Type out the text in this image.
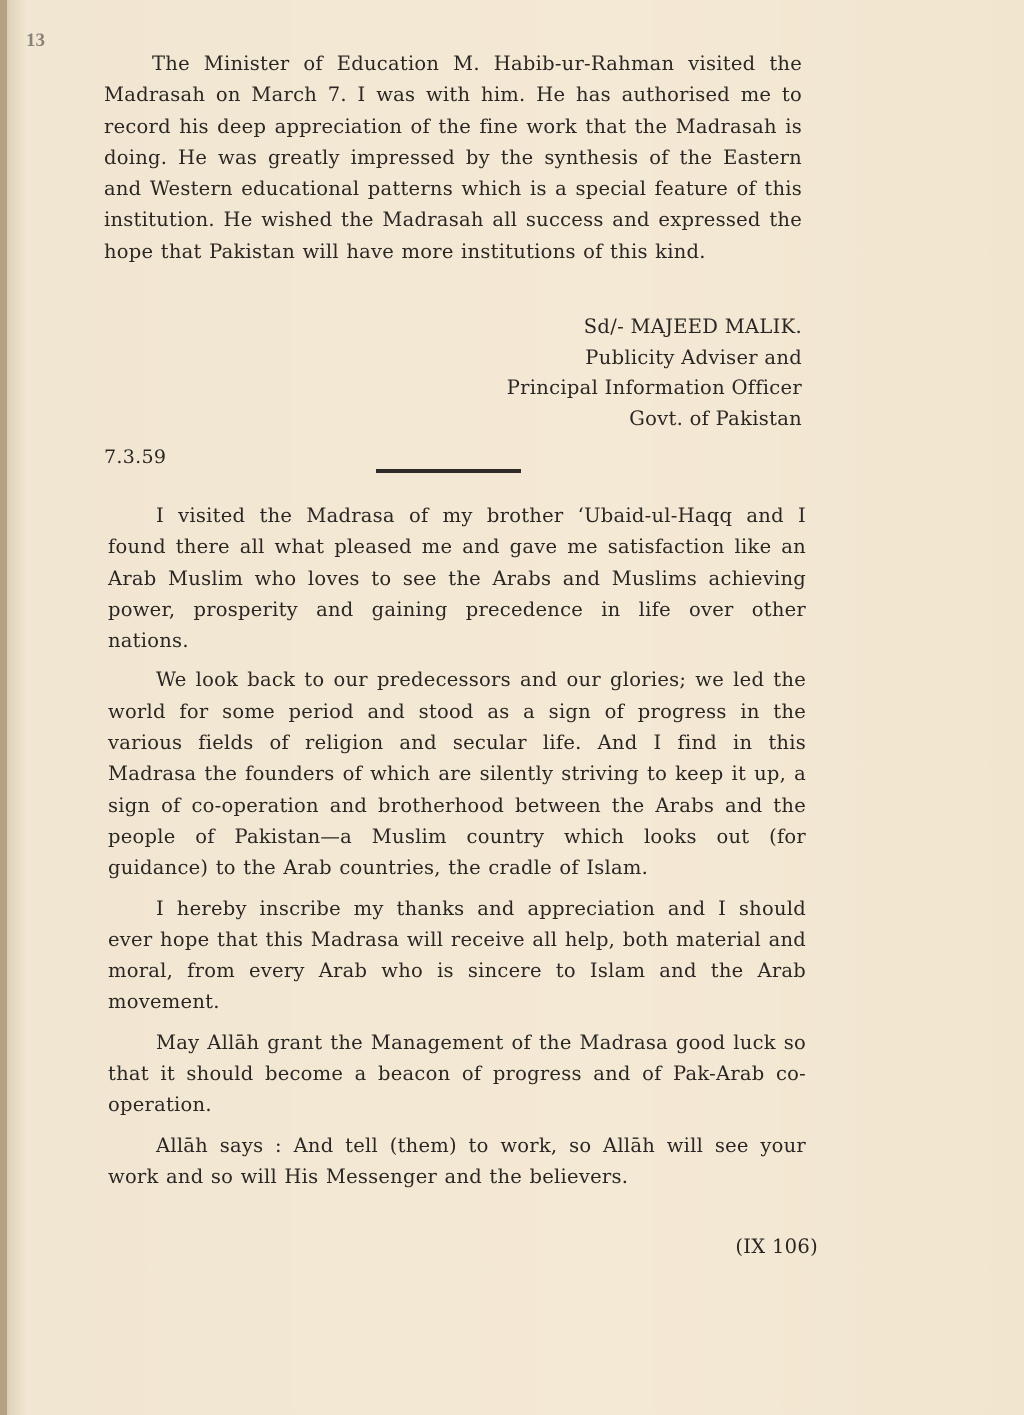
13

The Minister of Education M. Habib-ur-Rahman visited the Madrasah on March 7. I was with him. He has authorised me to record his deep appreciation of the fine work that the Madrasah is doing. He was greatly impressed by the synthesis of the Eastern and Western educational patterns which is a special feature of this institution. He wished the Madrasah all success and expressed the hope that Pakistan will have more institutions of this kind.

Sd/- MAJEED MALIK.
Publicity Adviser and
Principal Information Officer
Govt. of Pakistan
7.3.59

I visited the Madrasa of my brother ‘Ubaid-ul-Haqq and I found there all what pleased me and gave me satisfaction like an Arab Muslim who loves to see the Arabs and Muslims achieving power, prosperity and gaining precedence in life over other nations.

We look back to our predecessors and our glories; we led the world for some period and stood as a sign of progress in the various fields of religion and secular life. And I find in this Madrasa the founders of which are silently striving to keep it up, a sign of co-operation and brotherhood between the Arabs and the people of Pakistan—a Muslim country which looks out (for guidance) to the Arab countries, the cradle of Islam.

I hereby inscribe my thanks and appreciation and I should ever hope that this Madrasa will receive all help, both material and moral, from every Arab who is sincere to Islam and the Arab movement.

May Allāh grant the Management of the Madrasa good luck so that it should become a beacon of progress and of Pak-Arab co-operation.

Allāh says : And tell (them) to work, so Allāh will see your work and so will His Messenger and the believers.

(IX 106)
